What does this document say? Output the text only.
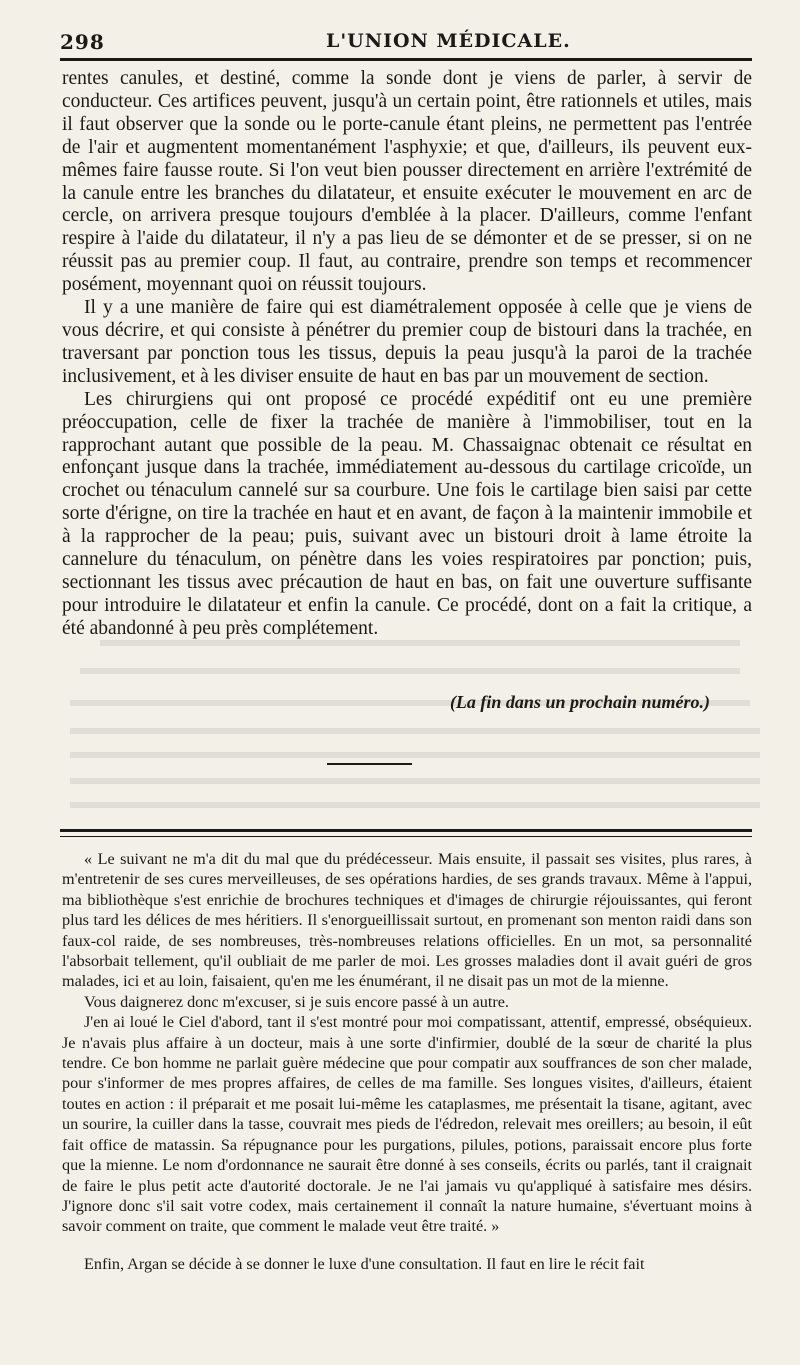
298	L'UNION MÉDICALE.

rentes canules, et destiné, comme la sonde dont je viens de parler, à servir de conducteur. Ces artifices peuvent, jusqu'à un certain point, être rationnels et utiles, mais il faut observer que la sonde ou le porte-canule étant pleins, ne permettent pas l'entrée de l'air et augmentent momentanément l'asphyxie; et que, d'ailleurs, ils peuvent eux-mêmes faire fausse route. Si l'on veut bien pousser directement en arrière l'extrémité de la canule entre les branches du dilatateur, et ensuite exécuter le mouvement en arc de cercle, on arrivera presque toujours d'emblée à la placer. D'ailleurs, comme l'enfant respire à l'aide du dilatateur, il n'y a pas lieu de se démonter et de se presser, si on ne réussit pas au premier coup. Il faut, au contraire, prendre son temps et recommencer posément, moyennant quoi on réussit toujours.

Il y a une manière de faire qui est diamétralement opposée à celle que je viens de vous décrire, et qui consiste à pénétrer du premier coup de bistouri dans la trachée, en traversant par ponction tous les tissus, depuis la peau jusqu'à la paroi de la trachée inclusivement, et à les diviser ensuite de haut en bas par un mouvement de section.

Les chirurgiens qui ont proposé ce procédé expéditif ont eu une première préoccupation, celle de fixer la trachée de manière à l'immobiliser, tout en la rapprochant autant que possible de la peau. M. Chassaignac obtenait ce résultat en enfonçant jusque dans la trachée, immédiatement au-dessous du cartilage cricoïde, un crochet ou ténaculum cannelé sur sa courbure. Une fois le cartilage bien saisi par cette sorte d'érigne, on tire la trachée en haut et en avant, de façon à la maintenir immobile et à la rapprocher de la peau; puis, suivant avec un bistouri droit à lame étroite la cannelure du ténaculum, on pénètre dans les voies respiratoires par ponction; puis, sectionnant les tissus avec précaution de haut en bas, on fait une ouverture suffisante pour introduire le dilatateur et enfin la canule. Ce procédé, dont on a fait la critique, a été abandonné à peu près complétement.

(La fin dans un prochain numéro.)

« Le suivant ne m'a dit du mal que du prédécesseur. Mais ensuite, il passait ses visites, plus rares, à m'entretenir de ses cures merveilleuses, de ses opérations hardies, de ses grands travaux. Même à l'appui, ma bibliothèque s'est enrichie de brochures techniques et d'images de chirurgie réjouissantes, qui feront plus tard les délices de mes héritiers. Il s'enorgueillissait surtout, en promenant son menton raidi dans son faux-col raide, de ses nombreuses, très-nombreuses relations officielles. En un mot, sa personnalité l'absorbait tellement, qu'il oubliait de me parler de moi. Les grosses maladies dont il avait guéri de gros malades, ici et au loin, faisaient, qu'en me les énumérant, il ne disait pas un mot de la mienne.

Vous daignerez donc m'excuser, si je suis encore passé à un autre.

J'en ai loué le Ciel d'abord, tant il s'est montré pour moi compatissant, attentif, empressé, obséquieux. Je n'avais plus affaire à un docteur, mais à une sorte d'infirmier, doublé de la sœur de charité la plus tendre. Ce bon homme ne parlait guère médecine que pour compatir aux souffrances de son cher malade, pour s'informer de mes propres affaires, de celles de ma famille. Ses longues visites, d'ailleurs, étaient toutes en action : il préparait et me posait lui-même les cataplasmes, me présentait la tisane, agitant, avec un sourire, la cuiller dans la tasse, couvrait mes pieds de l'édredon, relevait mes oreillers; au besoin, il eût fait office de matassin. Sa répugnance pour les purgations, pilules, potions, paraissait encore plus forte que la mienne. Le nom d'ordonnance ne saurait être donné à ses conseils, écrits ou parlés, tant il craignait de faire le plus petit acte d'autorité doctorale. Je ne l'ai jamais vu qu'appliqué à satisfaire mes désirs. J'ignore donc s'il sait votre codex, mais certainement il connaît la nature humaine, s'évertuant moins à savoir comment on traite, que comment le malade veut être traité. »

Enfin, Argan se décide à se donner le luxe d'une consultation. Il faut en lire le récit fait
